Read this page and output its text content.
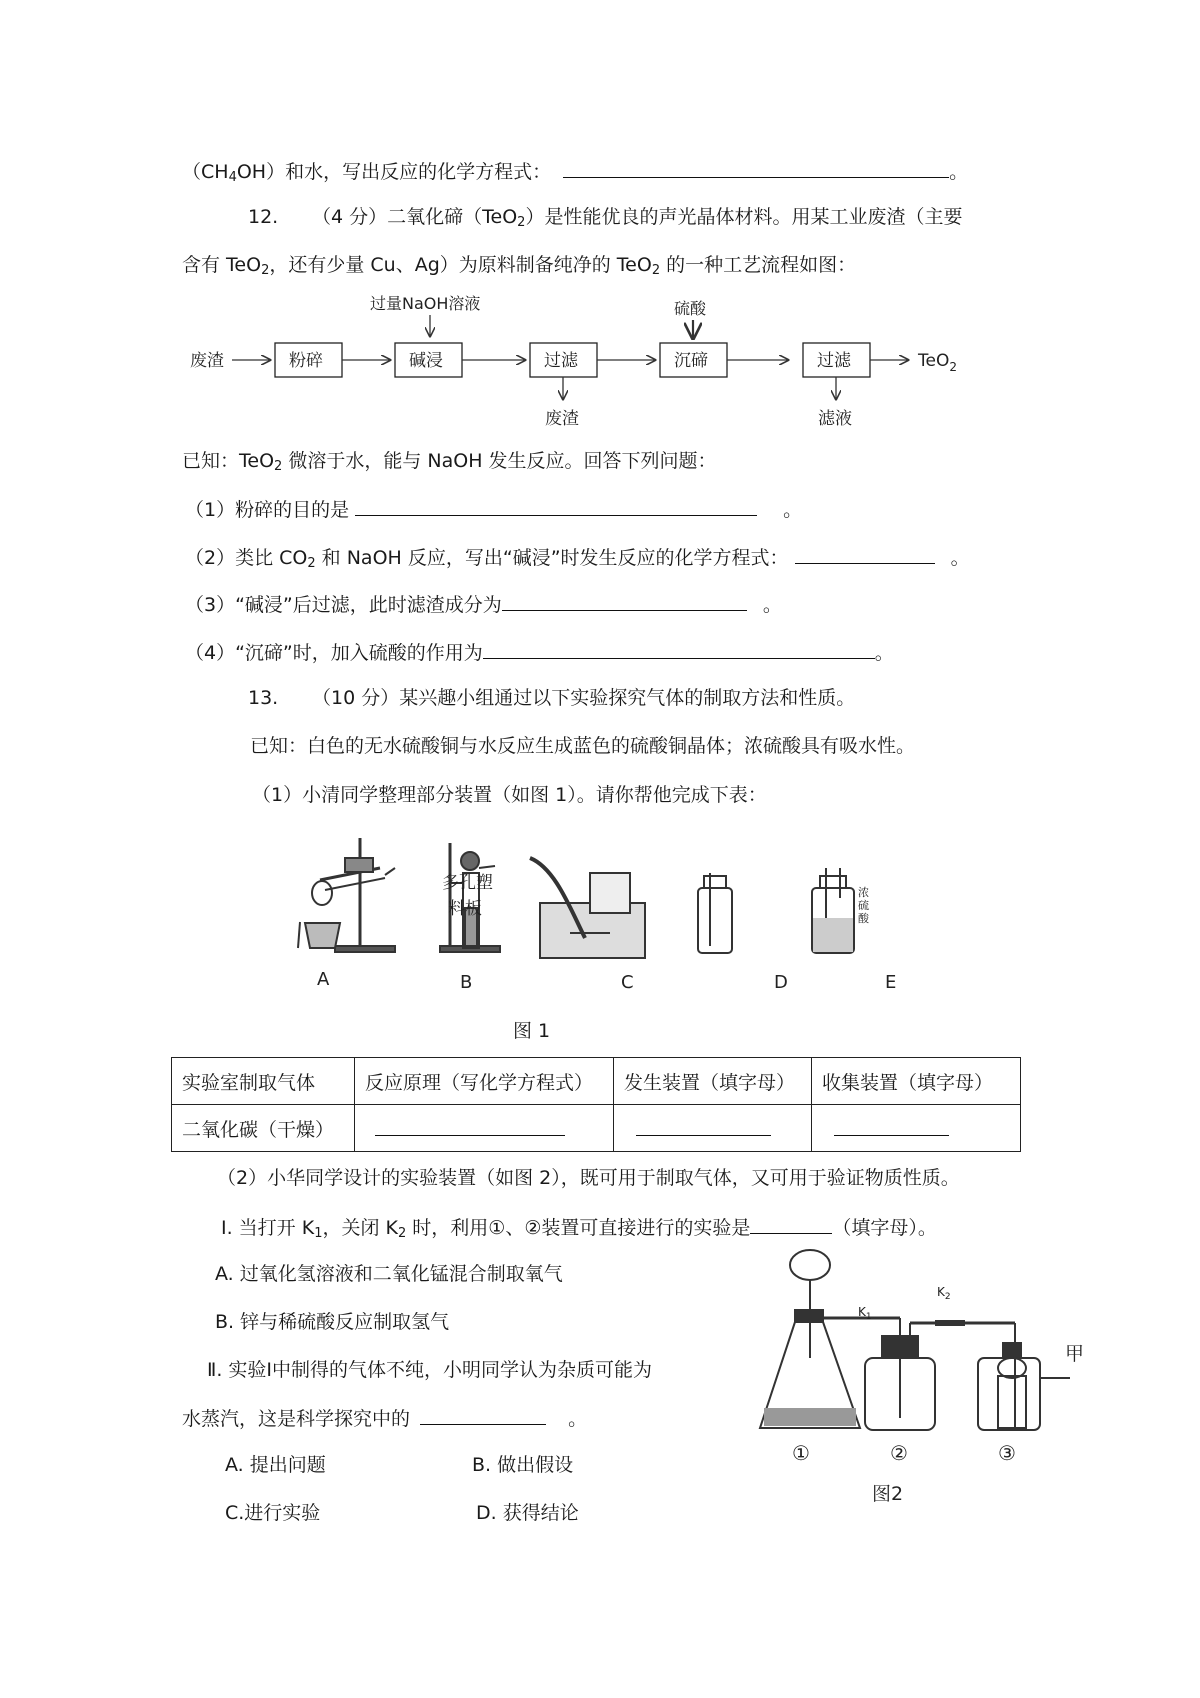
$(CH_4OH)$和水，写出反应的化学方程式：	。
12. （4 分）二氧化碲（TeO$_2$）是性能优良的声光晶体材料。用某工业废渣（主要
含有 TeO$_2$，还有少量 Cu、Ag）为原料制备纯净的 TeO$_2$ 的一种工艺流程如图：
废渣	粉碎
过量NaOH溶液
碱浸	过滤
废渣
硫酸
沉碲	过滤
滤液
TeO$_2$
已知：TeO$_2$ 微溶于水，能与 NaOH 发生反应。回答下列问题：
（1）粉碎的目的是	。
（2）类比 $CO_2$ 和 NaOH 反应，写出“碱浸”时发生反应的化学方程式：	。
（3）“碱浸”后过滤，此时滤渣成分为	。
（4）“沉碲”时，加入硫酸的作用为	。
13. （10 分）某兴趣小组通过以下实验探究气体的制取方法和性质。
已知：白色的无水硫酸铜与水反应生成蓝色的硫酸铜晶体；浓硫酸具有吸水性。
（1）小清同学整理部分装置（如图 1）。请你帮他完成下表：
多孔塑
料板
浓
硫
酸
A	B	C	D	E
图 1
实验室制取气体	反应原理（写化学方程式）	发生装置（填字母）	收集装置（填字母）
二氧化碳（干燥）			
（2）小华同学设计的实验装置（如图 2），既可用于制取气体，又可用于验证物质性质。
Ⅰ. 当打开 $K_1$，关闭 $K_2$ 时，利用①、②装置可直接进行的实验是	（填字母）。
A. 过氧化氢溶液和二氧化锰混合制取氧气
B. 锌与稀硫酸反应制取氢气
Ⅱ. 实验Ⅰ中制得的气体不纯，小明同学认为杂质可能为
水蒸汽，这是科学探究中的	。
A. 提出问题	B. 做出假设
C.进行实验	D. 获得结论
$K_1$
$K_2$
甲
①	②	③
图2
